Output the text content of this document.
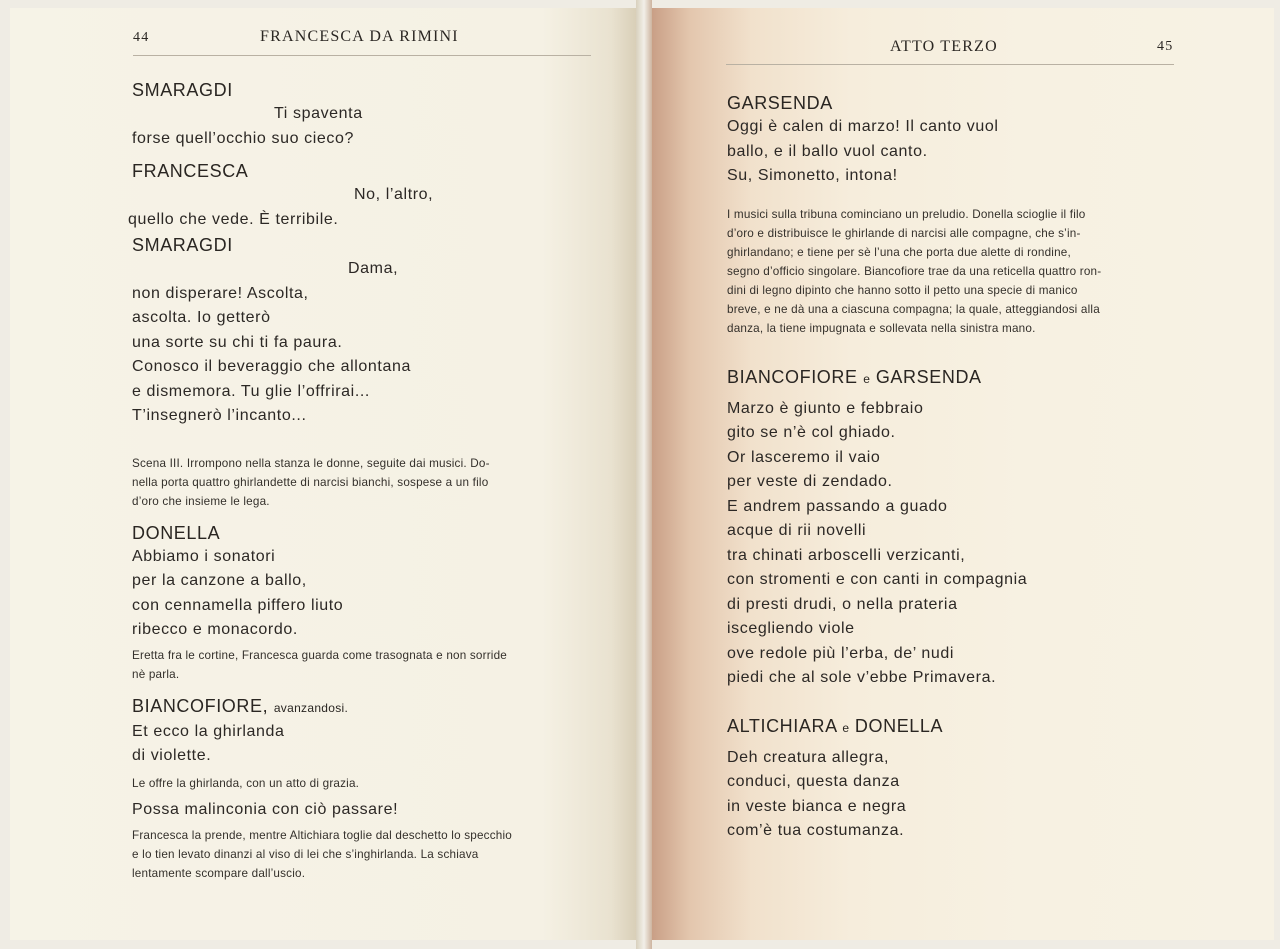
44	FRANCESCA DA RIMINI

SMARAGDI

Ti spaventa

forse quell’occhio suo cieco?

FRANCESCA

No, l’altro,

quello che vede. È terribile.

SMARAGDI

Dama,

non disperare! Ascolta,

ascolta. Io getterò

una sorte su chi ti fa paura.

Conosco il beveraggio che allontana

e dismemora. Tu glie l’offrirai...

T’insegnerò l’incanto...

Scena III. Irrompono nella stanza le donne, seguite dai musici. Do-

nella porta quattro ghirlandette di narcisi bianchi, sospese a un filo

d’oro che insieme le lega.

DONELLA

Abbiamo i sonatori

per la canzone a ballo,

con cennamella piffero liuto

ribecco e monacordo.

Eretta fra le cortine, Francesca guarda come trasognata e non sorride

nè parla.

BIANCOFIORE, avanzandosi.

Et ecco la ghirlanda

di violette.

Le offre la ghirlanda, con un atto di grazia.

Possa malinconia con ciò passare!

Francesca la prende, mentre Altichiara toglie dal deschetto lo specchio

e lo tien levato dinanzi al viso di lei che s’inghirlanda. La schiava

lentamente scompare dall’uscio.

ATTO TERZO	45

GARSENDA

Oggi è calen di marzo! Il canto vuol

ballo, e il ballo vuol canto.

Su, Simonetto, intona!

I musici sulla tribuna cominciano un preludio. Donella scioglie il filo

d’oro e distribuisce le ghirlande di narcisi alle compagne, che s’in-

ghirlandano; e tiene per sè l’una che porta due alette di rondine,

segno d’officio singolare. Biancofiore trae da una reticella quattro ron-

dini di legno dipinto che hanno sotto il petto una specie di manico

breve, e ne dà una a ciascuna compagna; la quale, atteggiandosi alla

danza, la tiene impugnata e sollevata nella sinistra mano.

BIANCOFIORE e GARSENDA

Marzo è giunto e febbraio

gito se n’è col ghiado.

Or lasceremo il vaio

per veste di zendado.

E andrem passando a guado

acque di rii novelli

tra chinati arboscelli verzicanti,

con stromenti e con canti in compagnia

di presti drudi, o nella prateria

iscegliendo viole

ove redole più l’erba, de’ nudi

piedi che al sole v’ebbe Primavera.

ALTICHIARA e DONELLA

Deh creatura allegra,

conduci, questa danza

in veste bianca e negra

com’è tua costumanza.
